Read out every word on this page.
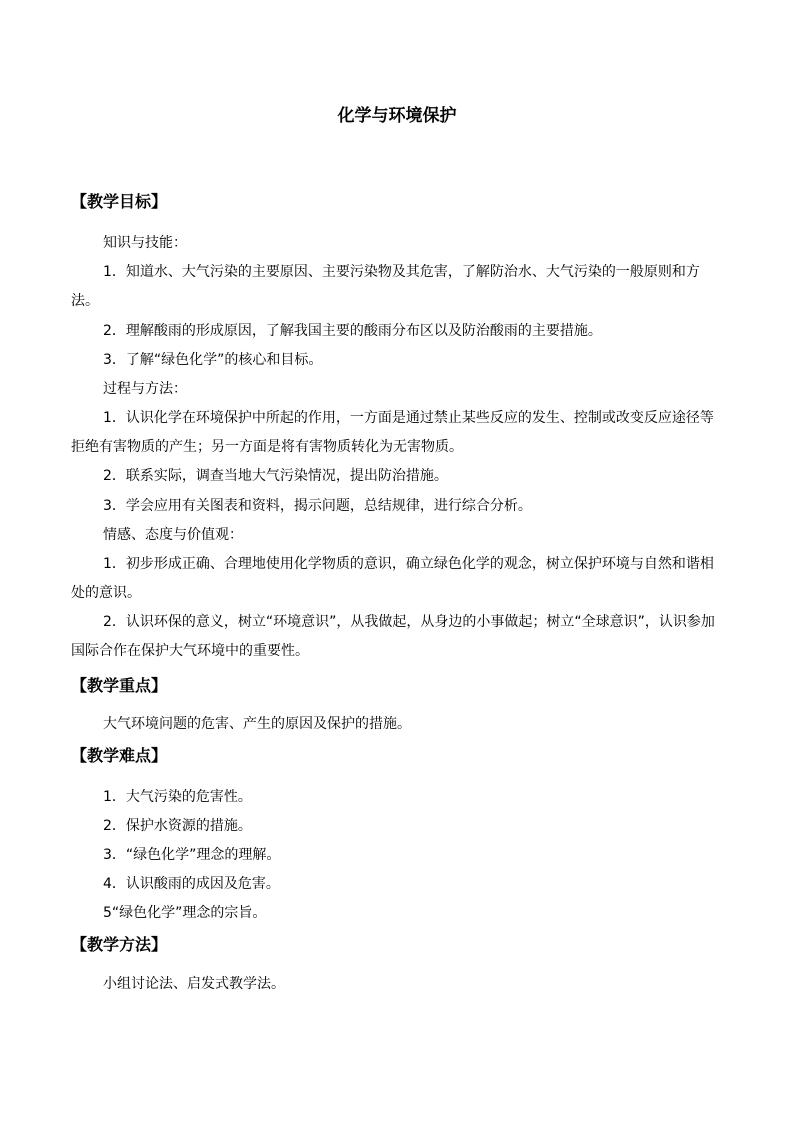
化学与环境保护
【教学目标】

知识与技能：

1．知道水、大气污染的主要原因、主要污染物及其危害，了解防治水、大气污染的一般原则和方法。

2．理解酸雨的形成原因，了解我国主要的酸雨分布区以及防治酸雨的主要措施。

3．了解“绿色化学”的核心和目标。

过程与方法：

1．认识化学在环境保护中所起的作用，一方面是通过禁止某些反应的发生、控制或改变反应途径等拒绝有害物质的产生；另一方面是将有害物质转化为无害物质。

2．联系实际，调查当地大气污染情况，提出防治措施。

3．学会应用有关图表和资料，揭示问题，总结规律，进行综合分析。

情感、态度与价值观：

1．初步形成正确、合理地使用化学物质的意识，确立绿色化学的观念，树立保护环境与自然和谐相处的意识。

2．认识环保的意义，树立“环境意识”，从我做起，从身边的小事做起；树立“全球意识”，认识参加国际合作在保护大气环境中的重要性。

【教学重点】

大气环境问题的危害、产生的原因及保护的措施。

【教学难点】

1．大气污染的危害性。

2．保护水资源的措施。

3．“绿色化学”理念的理解。

4．认识酸雨的成因及危害。

5“绿色化学”理念的宗旨。

【教学方法】

小组讨论法、启发式教学法。
